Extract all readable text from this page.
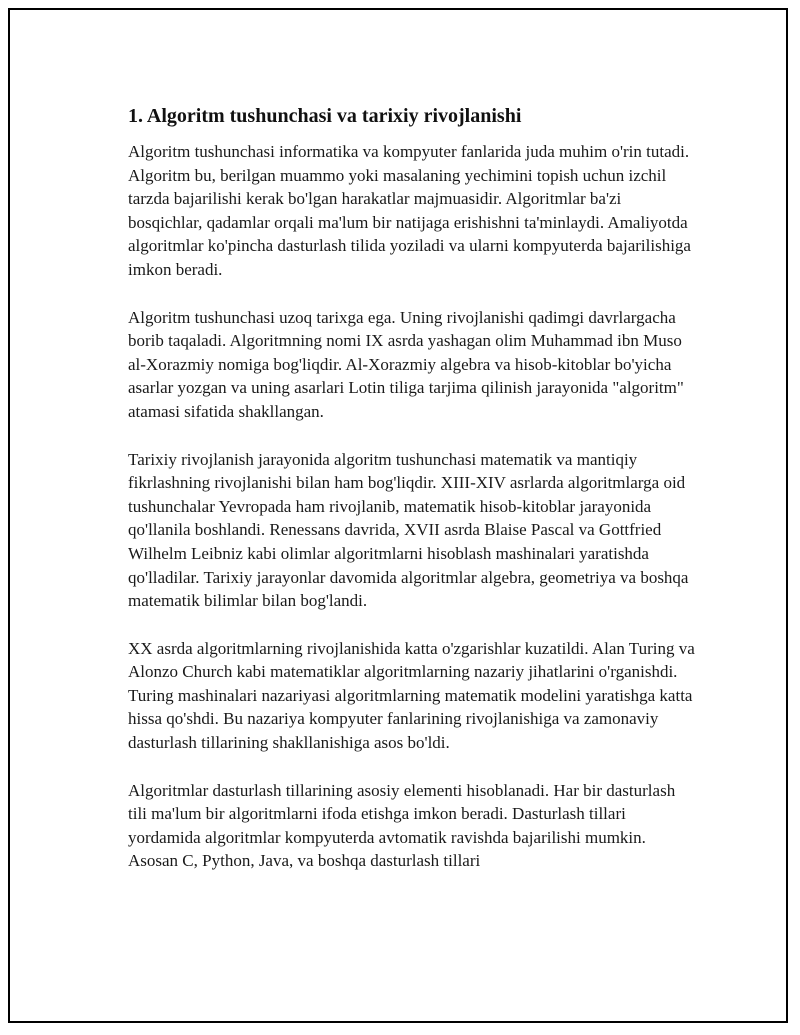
1. Algoritm tushunchasi va tarixiy rivojlanishi

Algoritm tushunchasi informatika va kompyuter fanlarida juda muhim o'rin tutadi. Algoritm bu, berilgan muammo yoki masalaning yechimini topish uchun izchil tarzda bajarilishi kerak bo'lgan harakatlar majmuasidir. Algoritmlar ba'zi bosqichlar, qadamlar orqali ma'lum bir natijaga erishishni ta'minlaydi. Amaliyotda algoritmlar ko'pincha dasturlash tilida yoziladi va ularni kompyuterda bajarilishiga imkon beradi.

Algoritm tushunchasi uzoq tarixga ega. Uning rivojlanishi qadimgi davrlargacha borib taqaladi. Algoritmning nomi IX asrda yashagan olim Muhammad ibn Muso al-Xorazmiy nomiga bog'liqdir. Al-Xorazmiy algebra va hisob-kitoblar bo'yicha asarlar yozgan va uning asarlari Lotin tiliga tarjima qilinish jarayonida "algoritm" atamasi sifatida shakllangan.

Tarixiy rivojlanish jarayonida algoritm tushunchasi matematik va mantiqiy fikrlashning rivojlanishi bilan ham bog'liqdir. XIII-XIV asrlarda algoritmlarga oid tushunchalar Yevropada ham rivojlanib, matematik hisob-kitoblar jarayonida qo'llanila boshlandi. Renessans davrida, XVII asrda Blaise Pascal va Gottfried Wilhelm Leibniz kabi olimlar algoritmlarni hisoblash mashinalari yaratishda qo'lladilar. Tarixiy jarayonlar davomida algoritmlar algebra, geometriya va boshqa matematik bilimlar bilan bog'landi.

XX asrda algoritmlarning rivojlanishida katta o'zgarishlar kuzatildi. Alan Turing va Alonzo Church kabi matematiklar algoritmlarning nazariy jihatlarini o'rganishdi. Turing mashinalari nazariyasi algoritmlarning matematik modelini yaratishga katta hissa qo'shdi. Bu nazariya kompyuter fanlarining rivojlanishiga va zamonaviy dasturlash tillarining shakllanishiga asos bo'ldi.

Algoritmlar dasturlash tillarining asosiy elementi hisoblanadi. Har bir dasturlash tili ma'lum bir algoritmlarni ifoda etishga imkon beradi. Dasturlash tillari yordamida algoritmlar kompyuterda avtomatik ravishda bajarilishi mumkin. Asosan C, Python, Java, va boshqa dasturlash tillari
